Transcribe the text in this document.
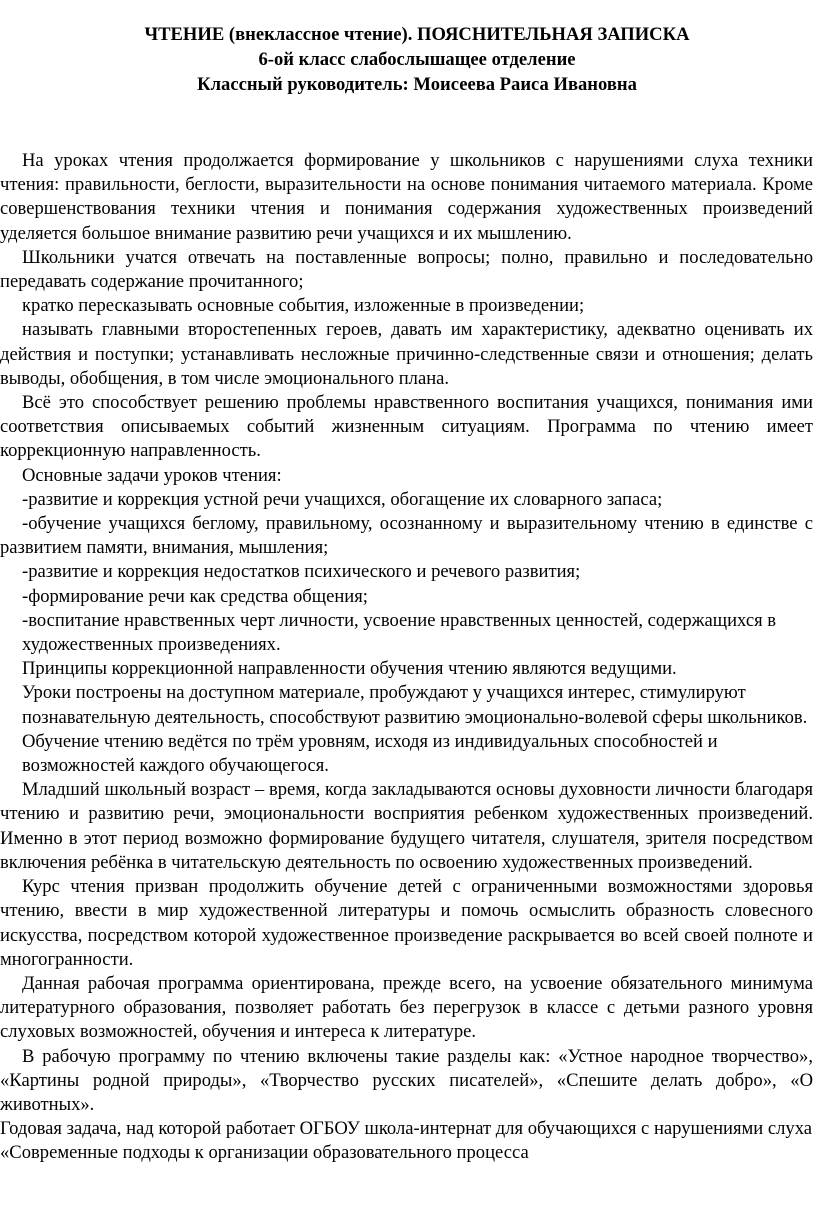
ЧТЕНИЕ (внеклассное чтение). ПОЯСНИТЕЛЬНАЯ ЗАПИСКА
6-ой класс слабослышащее отделение
Классный руководитель: Моисеева Раиса Ивановна

На уроках чтения продолжается формирование у школьников с нарушениями слуха техники чтения: правильности, беглости, выразительности на основе понимания читаемого материала. Кроме совершенствования техники чтения и понимания содержания художественных произведений уделяется большое внимание развитию речи учащихся и их мышлению.

Школьники учатся отвечать на поставленные вопросы; полно, правильно и последовательно передавать содержание прочитанного;

кратко пересказывать основные события, изложенные в произведении;

называть главными второстепенных героев, давать им характеристику, адекватно оценивать их действия и поступки; устанавливать несложные причинно-следственные связи и отношения; делать выводы, обобщения, в том числе эмоционального плана.

Всё это способствует решению проблемы нравственного воспитания учащихся, понимания ими соответствия описываемых событий жизненным ситуациям. Программа по чтению имеет коррекционную направленность.

Основные задачи уроков чтения:

-развитие и коррекция устной речи учащихся, обогащение их словарного запаса;

-обучение учащихся беглому, правильному, осознанному и выразительному чтению в единстве с развитием памяти, внимания, мышления;

-развитие и коррекция недостатков психического и речевого развития;

-формирование речи как средства общения;

-воспитание нравственных черт личности, усвоение нравственных ценностей, содержащихся в художественных произведениях.

Принципы коррекционной направленности обучения чтению являются ведущими.

Уроки построены на доступном материале, пробуждают у учащихся интерес, стимулируют познавательную деятельность, способствуют развитию эмоционально-волевой сферы школьников.

Обучение чтению ведётся по трём уровням, исходя из индивидуальных способностей и возможностей каждого обучающегося.

Младший школьный возраст – время, когда закладываются основы духовности личности благодаря чтению и развитию речи, эмоциональности восприятия ребенком художественных произведений. Именно в этот период возможно формирование будущего читателя, слушателя, зрителя посредством включения ребёнка в читательскую деятельность по освоению художественных произведений.

Курс чтения призван продолжить обучение детей с ограниченными возможностями здоровья чтению, ввести в мир художественной литературы и помочь осмыслить образность словесного искусства, посредством которой художественное произведение раскрывается во всей своей полноте и многогранности.

Данная рабочая программа ориентирована, прежде всего, на усвоение обязательного минимума литературного образования, позволяет работать без перегрузок в классе с детьми разного уровня слуховых возможностей, обучения и интереса к литературе.

В рабочую программу по чтению включены такие разделы как: «Устное народное творчество», «Картины родной природы», «Творчество русских писателей», «Спешите делать добро», «О животных».

Годовая задача, над которой работает ОГБОУ школа-интернат для обучающихся с нарушениями слуха «Современные подходы к организации образовательного процесса
